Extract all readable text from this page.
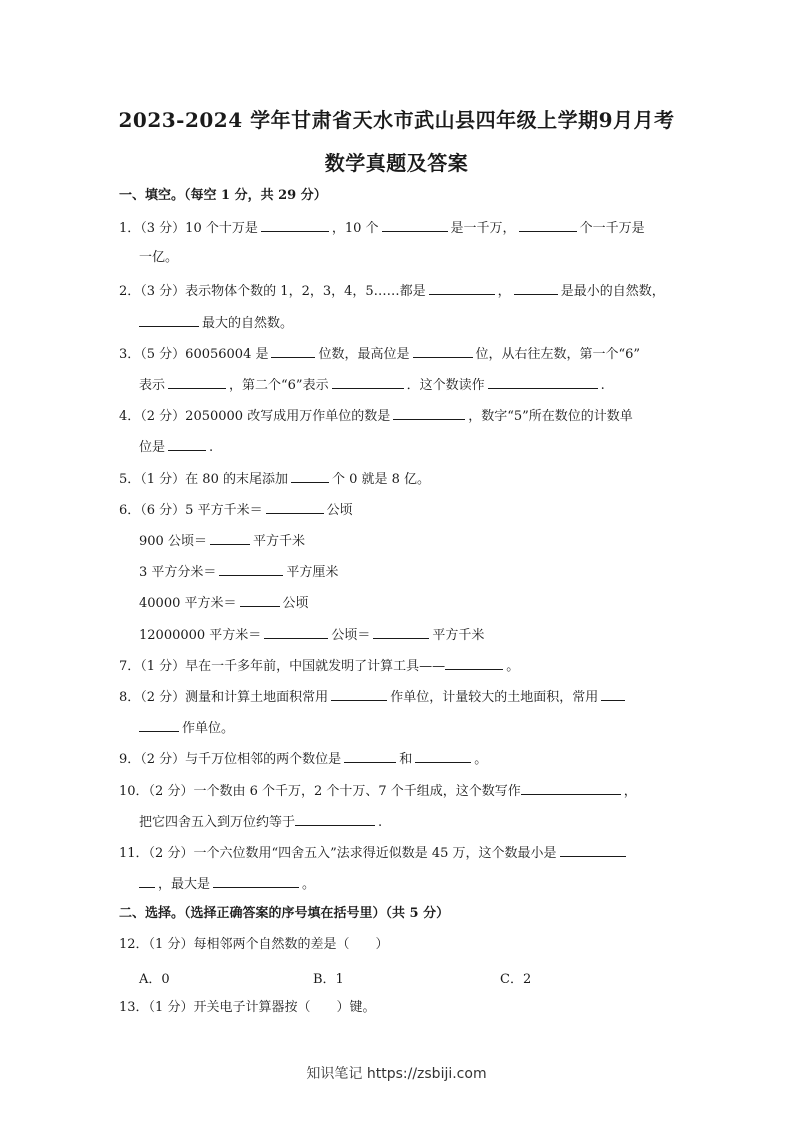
2023-2024 学年甘肃省天水市武山县四年级上学期9月月考
数学真题及答案
一、填空。（每空 1 分，共 29 分）
1．（3 分）10 个十万是	，10 个	是一千万，	个一千万是
一亿。
2．（3 分）表示物体个数的 1，2，3，4，5……都是	，	是最小的自然数，
最大的自然数。
3．（5 分）60056004 是	位数，最高位是	位，从右往左数，第一个“6”
表示	，第二个“6”表示	．这个数读作	.
4．（2 分）2050000 改写成用万作单位的数是	，数字“5”所在数位的计数单
位是	.
5．（1 分）在 80 的末尾添加	个 0 就是 8 亿。
6．（6 分）5 平方千米＝	公顷
900 公顷＝	平方千米
3 平方分米＝	平方厘米
40000 平方米＝	公顷
12000000 平方米＝	公顷＝	平方千米
7．（1 分）早在一千多年前，中国就发明了计算工具——	。
8．（2 分）测量和计算土地面积常用	作单位，计量较大的土地面积，常用
作单位。
9．（2 分）与千万位相邻的两个数位是	和	。
10．（2 分）一个数由 6 个千万，2 个十万、7 个千组成，这个数写作	，
把它四舍五入到万位约等于	.
11．（2 分）一个六位数用“四舍五入”法求得近似数是 45 万，这个数最小是
，最大是	。
二、选择。（选择正确答案的序号填在括号里）（共 5 分）
12．（1 分）每相邻两个自然数的差是（　　）
A．0	B．1	C．2
13．（1 分）开关电子计算器按（　　）键。
知识笔记 https://zsbiji.com
